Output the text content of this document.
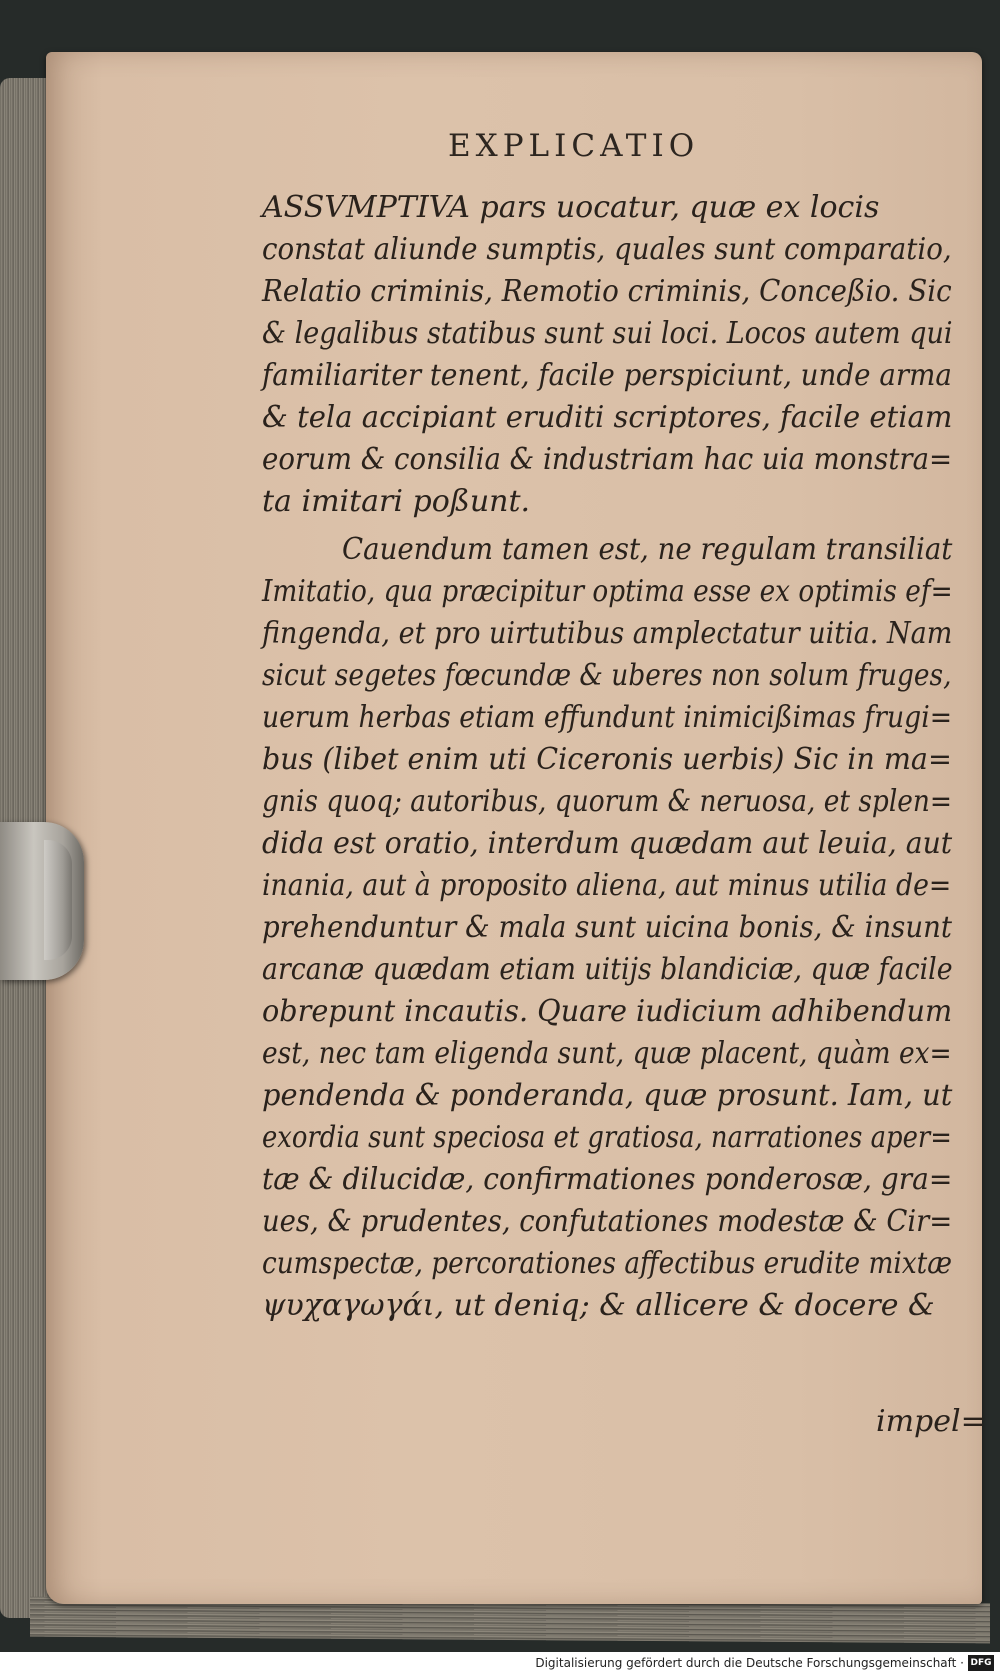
EXPLICATIO
ASSVMPTIVA pars uocatur, quæ ex locis
constat aliunde sumptis, quales sunt comparatio,
Relatio criminis, Remotio criminis, Conceßio. Sic
& legalibus statibus sunt sui loci. Locos autem qui
familiariter tenent, facile perspiciunt, unde arma
& tela accipiant eruditi scriptores, facile etiam
eorum & consilia & industriam hac uia monstra=
ta imitari poßunt.
Cauendum tamen est, ne regulam transiliat
Imitatio, qua præcipitur optima esse ex optimis ef=
fingenda, et pro uirtutibus amplectatur uitia. Nam
sicut segetes fœcundæ & uberes non solum fruges,
uerum herbas etiam effundunt inimicißimas frugi=
bus (libet enim uti Ciceronis uerbis) Sic in ma=
gnis quoq; autoribus, quorum & neruosa, et splen=
dida est oratio, interdum quædam aut leuia, aut
inania, aut à proposito aliena, aut minus utilia de=
prehenduntur & mala sunt uicina bonis, & insunt
arcanæ quædam etiam uitijs blandiciæ, quæ facile
obrepunt incautis. Quare iudicium adhibendum
est, nec tam eligenda sunt, quæ placent, quàm ex=
pendenda & ponderanda, quæ prosunt. Iam, ut
exordia sunt speciosa et gratiosa, narrationes aper=
tæ & dilucidæ, confirmationes ponderosæ, gra=
ues, & prudentes, confutationes modestæ & Cir=
cumspectæ, percorationes affectibus erudite mixtæ
ψυχαγωγάι, ut deniq; & allicere & docere &
impel=
Digitalisierung gefördert durch die Deutsche Forschungsgemeinschaft · DFG
